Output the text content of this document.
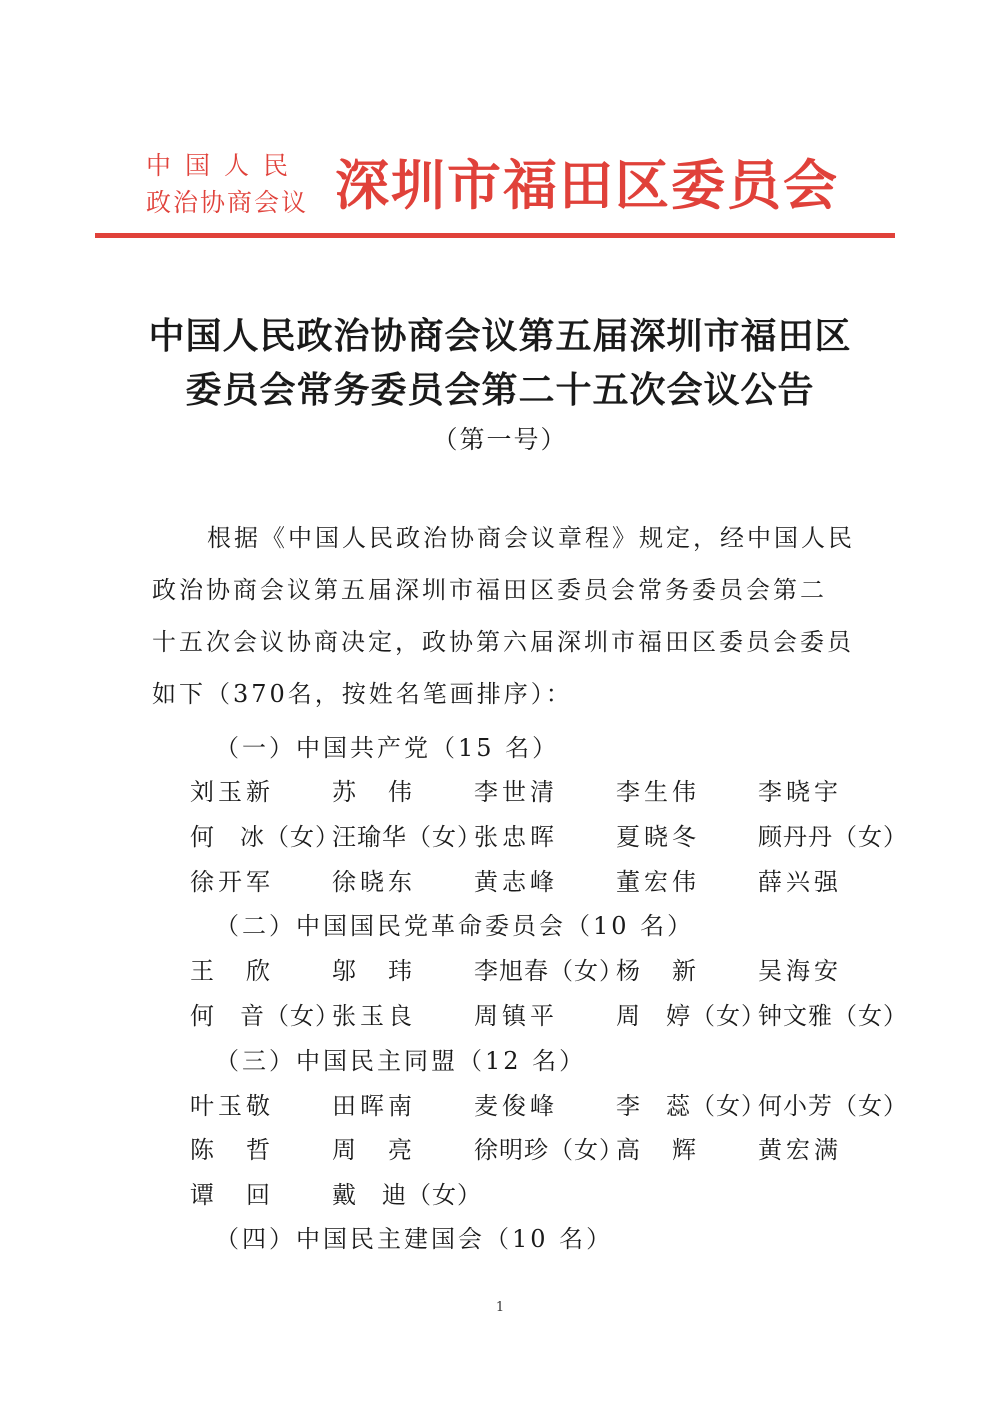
中国人民
政治协商会议 深圳市福田区委员会
中国人民政治协商会议第五届深圳市福田区
委员会常务委员会第二十五次会议公告
（第一号）
根据《中国人民政治协商会议章程》规定，经中国人民
政治协商会议第五届深圳市福田区委员会常务委员会第二
十五次会议协商决定，政协第六届深圳市福田区委员会委员
如下（370名，按姓名笔画排序）：
（一）中国共产党（15 名）
刘玉新 苏　伟 李世清 李生伟 李晓宇
何　冰（女）
汪瑜华（女）
张忠晖 夏晓冬 顾丹丹（女）
徐开军 徐晓东 黄志峰 董宏伟 薛兴强
（二）中国国民党革命委员会（10 名）
王　欣 邬　玮 李旭春（女）
杨　新 吴海安
何　音（女）
张玉良 周镇平 周　婷（女）
钟文雅（女）
（三）中国民主同盟（12 名）
叶玉敬 田晖南 麦俊峰 李　蕊（女）
何小芳（女）
陈　哲 周　亮 徐明珍（女）
高　辉 黄宏满
谭　回 戴　迪（女）
（四）中国民主建国会（10 名）
1
